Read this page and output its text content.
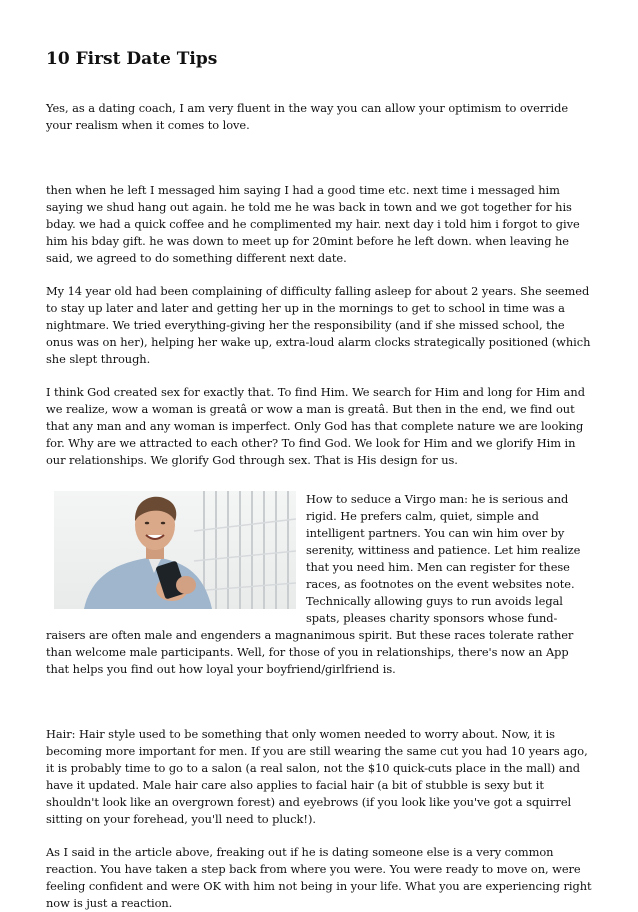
10 First Date Tips

Yes, as a dating coach, I am very fluent in the way you can allow your optimism to override your realism when it comes to love.

then when he left I messaged him saying I had a good time etc. next time i messaged him saying we shud hang out again. he told me he was back in town and we got together for his bday. we had a quick coffee and he complimented my hair. next day i told him i forgot to give him his bday gift. he was down to meet up for 20mint before he left down. when leaving he said, we agreed to do something different next date.

My 14 year old had been complaining of difficulty falling asleep for about 2 years. She seemed to stay up later and later and getting her up in the mornings to get to school in time was a nightmare. We tried everything-giving her the responsibility (and if she missed school, the onus was on her), helping her wake up, extra-loud alarm clocks strategically positioned (which she slept through.

I think God created sex for exactly that. To find Him. We search for Him and long for Him and we realize, wow a woman is greatâ or wow a man is greatâ. But then in the end, we find out that any man and any woman is imperfect. Only God has that complete nature we are looking for. Why are we attracted to each other? To find God. We look for Him and we glorify Him in our relationships. We glorify God through sex. That is His design for us.

How to seduce a Virgo man: he is serious and rigid. He prefers calm, quiet, simple and intelligent partners. You can win him over by serenity, wittiness and patience. Let him realize that you need him. Men can register for these races, as footnotes on the event websites note. Technically allowing guys to run avoids legal spats, pleases charity sponsors whose fund-raisers are often male and engenders a magnanimous spirit. But these races tolerate rather than welcome male participants. Well, for those of you in relationships, there's now an App that helps you find out how loyal your boyfriend/girlfriend is.

Hair: Hair style used to be something that only women needed to worry about. Now, it is becoming more important for men. If you are still wearing the same cut you had 10 years ago, it is probably time to go to a salon (a real salon, not the $10 quick-cuts place in the mall) and have it updated. Male hair care also applies to facial hair (a bit of stubble is sexy but it shouldn't look like an overgrown forest) and eyebrows (if you look like you've got a squirrel sitting on your forehead, you'll need to pluck!).

As I said in the article above, freaking out if he is dating someone else is a very common reaction. You have taken a step back from where you were. You were ready to move on, were feeling confident and were OK with him not being in your life. What you are experiencing right now is just a reaction.
